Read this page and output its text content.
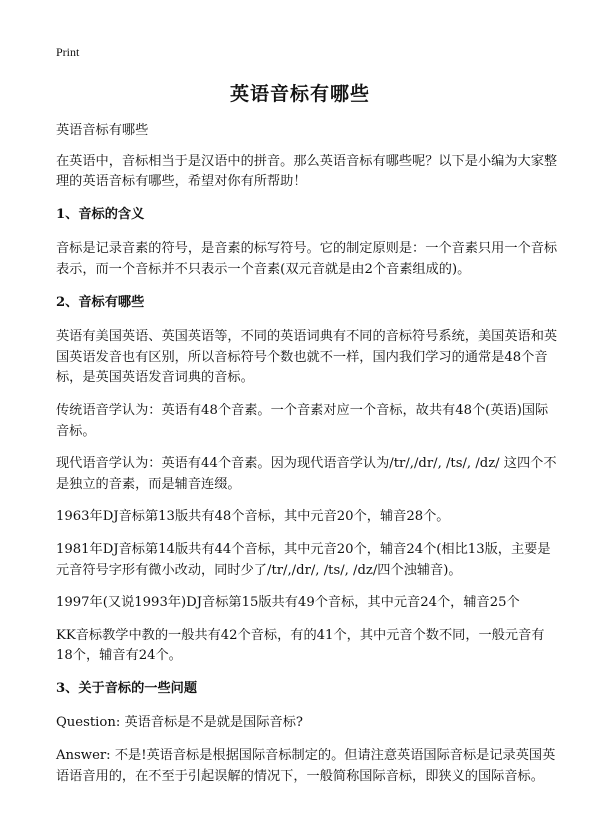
Print
英语音标有哪些
英语音标有哪些

在英语中，音标相当于是汉语中的拼音。那么英语音标有哪些呢？以下是小编为大家整理的英语音标有哪些，希望对你有所帮助！

1、音标的含义

音标是记录音素的符号，是音素的标写符号。它的制定原则是：一个音素只用一个音标表示，而一个音标并不只表示一个音素(双元音就是由2个音素组成的)。

2、音标有哪些

英语有美国英语、英国英语等，不同的英语词典有不同的音标符号系统，美国英语和英国英语发音也有区别，所以音标符号个数也就不一样，国内我们学习的通常是48个音标，是英国英语发音词典的音标。

传统语音学认为：英语有48个音素。一个音素对应一个音标，故共有48个(英语)国际音标。

现代语音学认为：英语有44个音素。因为现代语音学认为/tr/,/dr/, /ts/, /dz/ 这四个不是独立的音素，而是辅音连缀。

1963年DJ音标第13版共有48个音标，其中元音20个，辅音28个。

1981年DJ音标第14版共有44个音标，其中元音20个，辅音24个(相比13版，主要是元音符号字形有微小改动，同时少了/tr/,/dr/, /ts/, /dz/四个浊辅音)。

1997年(又说1993年)DJ音标第15版共有49个音标，其中元音24个，辅音25个

KK音标教学中教的一般共有42个音标，有的41个，其中元音个数不同，一般元音有18个，辅音有24个。

3、关于音标的一些问题

Question: 英语音标是不是就是国际音标?

Answer: 不是!英语音标是根据国际音标制定的。但请注意英语国际音标是记录英国英语语音用的，在不至于引起误解的情况下，一般简称国际音标，即狭义的国际音标。
